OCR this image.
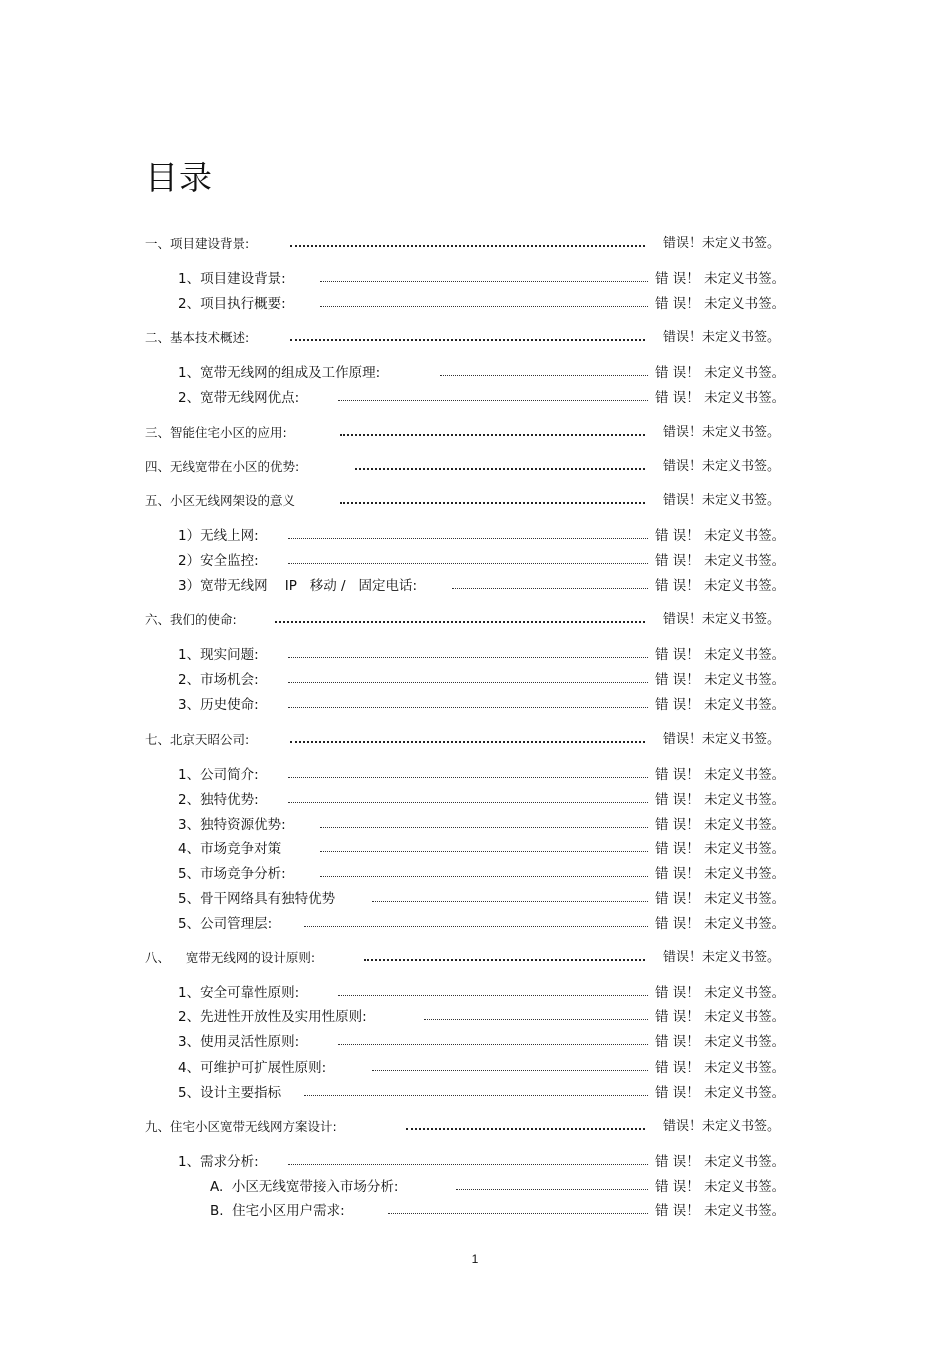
目录
一、项目建设背景:	错误！未定义书签。
1、项目建设背景:	错 误！ 未定义书签。
2、项目执行概要:	错 误！ 未定义书签。
二、基本技术概述:	错误！未定义书签。
1、宽带无线网的组成及工作原理:	错 误！ 未定义书签。
2、宽带无线网优点:	错 误！ 未定义书签。
三、智能住宅小区的应用:	错误！未定义书签。
四、无线宽带在小区的优势:	错误！未定义书签。
五、小区无线网架设的意义	错误！未定义书签。
1）无线上网:	错 误！ 未定义书签。
2）安全监控:	错 误！ 未定义书签。
3）宽带无线网    IP   移动 /   固定电话:	错 误！ 未定义书签。
六、我们的使命:	错误！未定义书签。
1、现实问题:	错 误！ 未定义书签。
2、市场机会:	错 误！ 未定义书签。
3、历史使命:	错 误！ 未定义书签。
七、北京天昭公司:	错误！未定义书签。
1、公司简介:	错 误！ 未定义书签。
2、独特优势:	错 误！ 未定义书签。
3、独特资源优势:	错 误！ 未定义书签。
4、市场竞争对策	错 误！ 未定义书签。
5、市场竞争分析:	错 误！ 未定义书签。
5、骨干网络具有独特优势	错 误！ 未定义书签。
5、公司管理层:	错 误！ 未定义书签。
八、    宽带无线网的设计原则:	错误！未定义书签。
1、安全可靠性原则:	错 误！ 未定义书签。
2、先进性开放性及实用性原则:	错 误！ 未定义书签。
3、使用灵活性原则:	错 误！ 未定义书签。
4、可维护可扩展性原则:	错 误！ 未定义书签。
5、设计主要指标	错 误！ 未定义书签。
九、住宅小区宽带无线网方案设计:	错误！未定义书签。
1、需求分析:	错 误！ 未定义书签。
A.  小区无线宽带接入市场分析:	错 误！ 未定义书签。
B.  住宅小区用户需求:	错 误！ 未定义书签。
1
